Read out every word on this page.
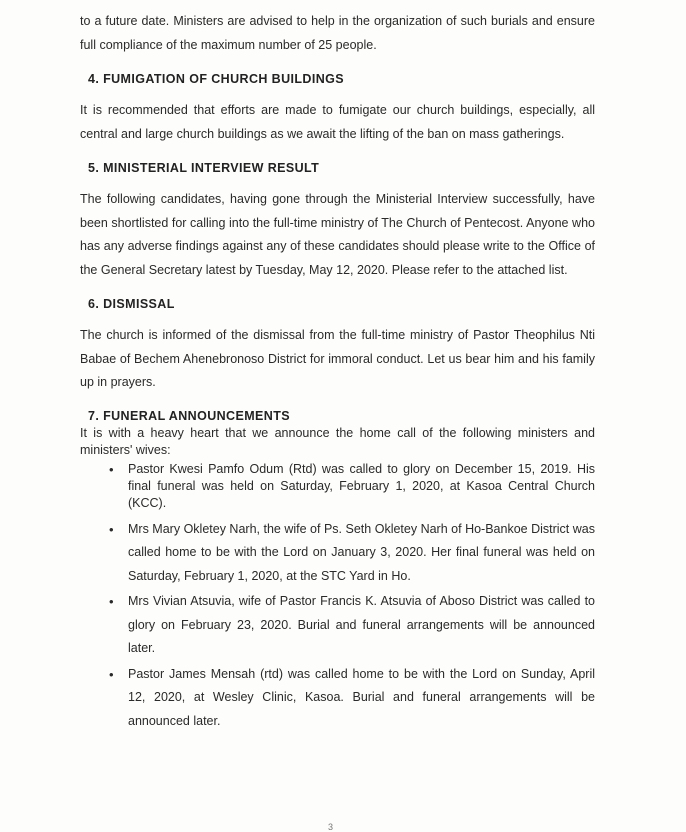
to a future date. Ministers are advised to help in the organization of such burials and ensure full compliance of the maximum number of 25 people.

4. FUMIGATION OF CHURCH BUILDINGS

It is recommended that efforts are made to fumigate our church buildings, especially, all central and large church buildings as we await the lifting of the ban on mass gatherings.

5. MINISTERIAL INTERVIEW RESULT

The following candidates, having gone through the Ministerial Interview successfully, have been shortlisted for calling into the full-time ministry of The Church of Pentecost. Anyone who has any adverse findings against any of these candidates should please write to the Office of the General Secretary latest by Tuesday, May 12, 2020. Please refer to the attached list.

6. DISMISSAL

The church is informed of the dismissal from the full-time ministry of Pastor Theophilus Nti Babae of Bechem Ahenebronoso District for immoral conduct. Let us bear him and his family up in prayers.

7. FUNERAL ANNOUNCEMENTS

It is with a heavy heart that we announce the home call of the following ministers and ministers' wives:

• Pastor Kwesi Pamfo Odum (Rtd) was called to glory on December 15, 2019. His final funeral was held on Saturday, February 1, 2020, at Kasoa Central Church (KCC).
• Mrs Mary Okletey Narh, the wife of Ps. Seth Okletey Narh of Ho-Bankoe District was called home to be with the Lord on January 3, 2020. Her final funeral was held on Saturday, February 1, 2020, at the STC Yard in Ho.
• Mrs Vivian Atsuvia, wife of Pastor Francis K. Atsuvia of Aboso District was called to glory on February 23, 2020. Burial and funeral arrangements will be announced later.
• Pastor James Mensah (rtd) was called home to be with the Lord on Sunday, April 12, 2020, at Wesley Clinic, Kasoa. Burial and funeral arrangements will be announced later.
3
